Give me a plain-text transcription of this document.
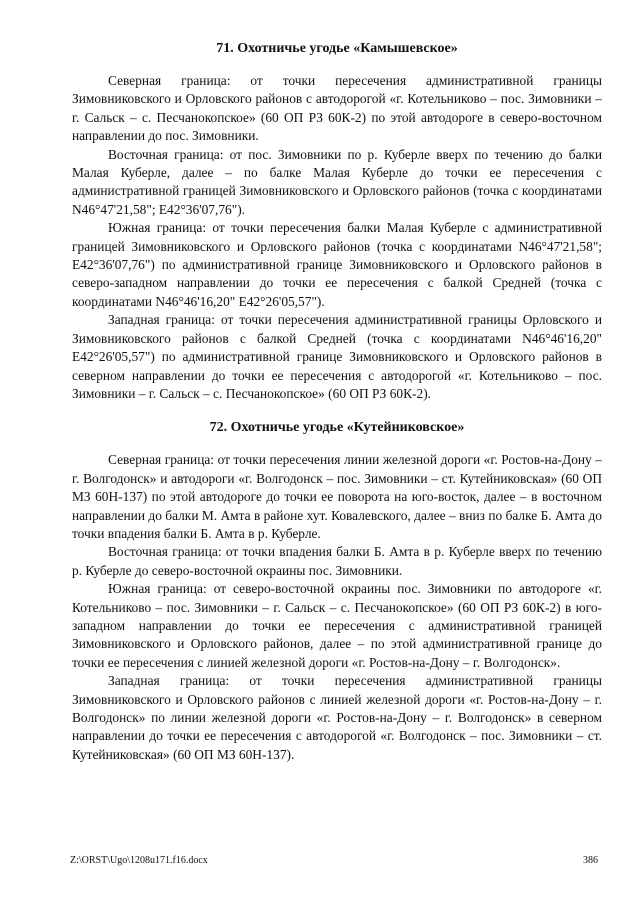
71. Охотничье угодье «Камышевское»

Северная граница: от точки пересечения административной границы Зимовниковского и Орловского районов с автодорогой «г. Котельниково – пос. Зимовники – г. Сальск – с. Песчанокопское» (60 ОП РЗ 60К-2) по этой автодороге в северо-восточном направлении до пос. Зимовники.

Восточная граница: от пос. Зимовники по р. Куберле вверх по течению до балки Малая Куберле, далее – по балке Малая Куберле до точки ее пересечения с административной границей Зимовниковского и Орловского районов (точка с координатами N46°47'21,58"; E42°36'07,76").

Южная граница: от точки пересечения балки Малая Куберле с административной границей Зимовниковского и Орловского районов (точка с координатами N46°47'21,58"; E42°36'07,76") по административной границе Зимовниковского и Орловского районов в северо-западном направлении до точки ее пересечения с балкой Средней (точка с координатами N46°46'16,20" E42°26'05,57").

Западная граница: от точки пересечения административной границы Орловского и Зимовниковского районов с балкой Средней (точка с координатами N46°46'16,20" E42°26'05,57") по административной границе Зимовниковского и Орловского районов в северном направлении до точки ее пересечения с автодорогой «г. Котельниково – пос. Зимовники – г. Сальск – с. Песчанокопское» (60 ОП РЗ 60К-2).

72. Охотничье угодье «Кутейниковское»

Северная граница: от точки пересечения линии железной дороги «г. Ростов-на-Дону – г. Волгодонск» и автодороги «г. Волгодонск – пос. Зимовники – ст. Кутейниковская» (60 ОП МЗ 60Н-137) по этой автодороге до точки ее поворота на юго-восток, далее – в восточном направлении до балки М. Амта в районе хут. Ковалевского, далее – вниз по балке Б. Амта до точки впадения балки Б. Амта в р. Куберле.

Восточная граница: от точки впадения балки Б. Амта в р. Куберле вверх по течению р. Куберле до северо-восточной окраины пос. Зимовники.

Южная граница: от северо-восточной окраины пос. Зимовники по автодороге «г. Котельниково – пос. Зимовники – г. Сальск – с. Песчанокопское» (60 ОП РЗ 60К-2) в юго-западном направлении до точки ее пересечения с административной границей Зимовниковского и Орловского районов, далее – по этой административной границе до точки ее пересечения с линией железной дороги «г. Ростов-на-Дону – г. Волгодонск».

Западная граница: от точки пересечения административной границы Зимовниковского и Орловского районов с линией железной дороги «г. Ростов-на-Дону – г. Волгодонск» по линии железной дороги «г. Ростов-на-Дону – г. Волгодонск» в северном направлении до точки ее пересечения с автодорогой «г. Волгодонск – пос. Зимовники – ст. Кутейниковская» (60 ОП МЗ 60Н-137).

Z:\ORST\Ugo\1208u171.f16.docx	386
